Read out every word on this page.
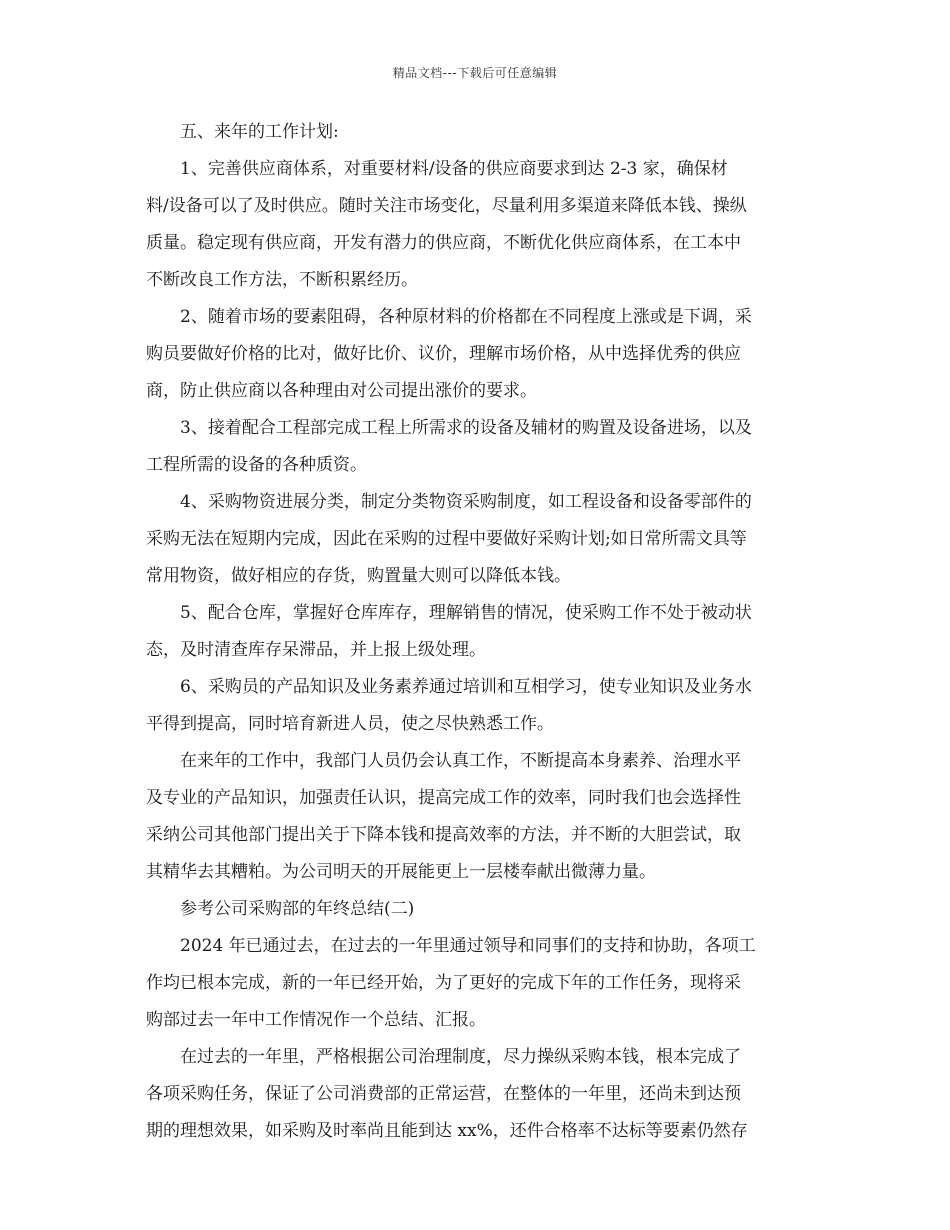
精品文档---下载后可任意编辑
五、来年的工作计划:
1、完善供应商体系，对重要材料/设备的供应商要求到达 2-3 家，确保材
料/设备可以了及时供应。随时关注市场变化，尽量利用多渠道来降低本钱、操纵
质量。稳定现有供应商，开发有潜力的供应商，不断优化供应商体系，在工本中
不断改良工作方法，不断积累经历。
2、随着市场的要素阻碍，各种原材料的价格都在不同程度上涨或是下调，采
购员要做好价格的比对，做好比价、议价，理解市场价格，从中选择优秀的供应
商，防止供应商以各种理由对公司提出涨价的要求。
3、接着配合工程部完成工程上所需求的设备及辅材的购置及设备进场，以及
工程所需的设备的各种质资。
4、采购物资进展分类，制定分类物资采购制度，如工程设备和设备零部件的
采购无法在短期内完成，因此在采购的过程中要做好采购计划;如日常所需文具等
常用物资，做好相应的存货，购置量大则可以降低本钱。
5、配合仓库，掌握好仓库库存，理解销售的情况，使采购工作不处于被动状
态，及时清查库存呆滞品，并上报上级处理。
6、采购员的产品知识及业务素养通过培训和互相学习，使专业知识及业务水
平得到提高，同时培育新进人员，使之尽快熟悉工作。
在来年的工作中，我部门人员仍会认真工作，不断提高本身素养、治理水平
及专业的产品知识，加强责任认识，提高完成工作的效率，同时我们也会选择性
采纳公司其他部门提出关于下降本钱和提高效率的方法，并不断的大胆尝试，取
其精华去其糟粕。为公司明天的开展能更上一层楼奉献出微薄力量。
参考公司采购部的年终总结(二)
2024 年已通过去，在过去的一年里通过领导和同事们的支持和协助，各项工
作均已根本完成，新的一年已经开始，为了更好的完成下年的工作任务，现将采
购部过去一年中工作情况作一个总结、汇报。
在过去的一年里，严格根据公司治理制度，尽力操纵采购本钱，根本完成了
各项采购任务，保证了公司消费部的正常运营，在整体的一年里，还尚未到达预
期的理想效果，如采购及时率尚且能到达 xx%，还件合格率不达标等要素仍然存
